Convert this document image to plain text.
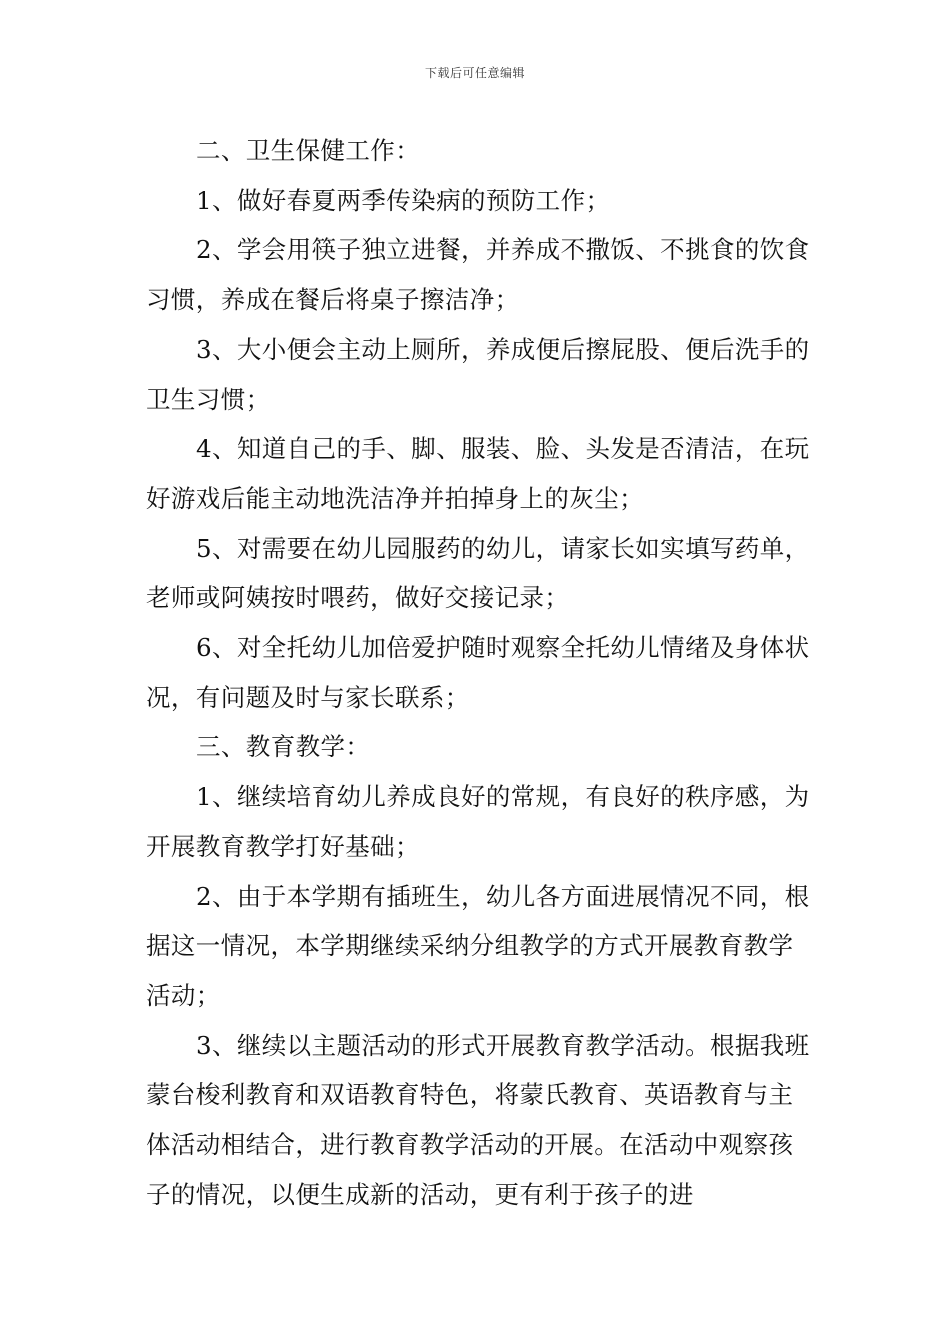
下载后可任意编辑

二、卫生保健工作：

1、做好春夏两季传染病的预防工作；

2、学会用筷子独立进餐，并养成不撒饭、不挑食的饮食习惯，养成在餐后将桌子擦洁净；

3、大小便会主动上厕所，养成便后擦屁股、便后洗手的卫生习惯；

4、知道自己的手、脚、服装、脸、头发是否清洁，在玩好游戏后能主动地洗洁净并拍掉身上的灰尘；

5、对需要在幼儿园服药的幼儿，请家长如实填写药单，老师或阿姨按时喂药，做好交接记录；

6、对全托幼儿加倍爱护随时观察全托幼儿情绪及身体状况，有问题及时与家长联系；

三、教育教学：

1、继续培育幼儿养成良好的常规，有良好的秩序感，为开展教育教学打好基础；

2、由于本学期有插班生，幼儿各方面进展情况不同，根据这一情况，本学期继续采纳分组教学的方式开展教育教学活动；

3、继续以主题活动的形式开展教育教学活动。根据我班蒙台梭利教育和双语教育特色，将蒙氏教育、英语教育与主体活动相结合，进行教育教学活动的开展。在活动中观察孩子的情况，以便生成新的活动，更有利于孩子的进
